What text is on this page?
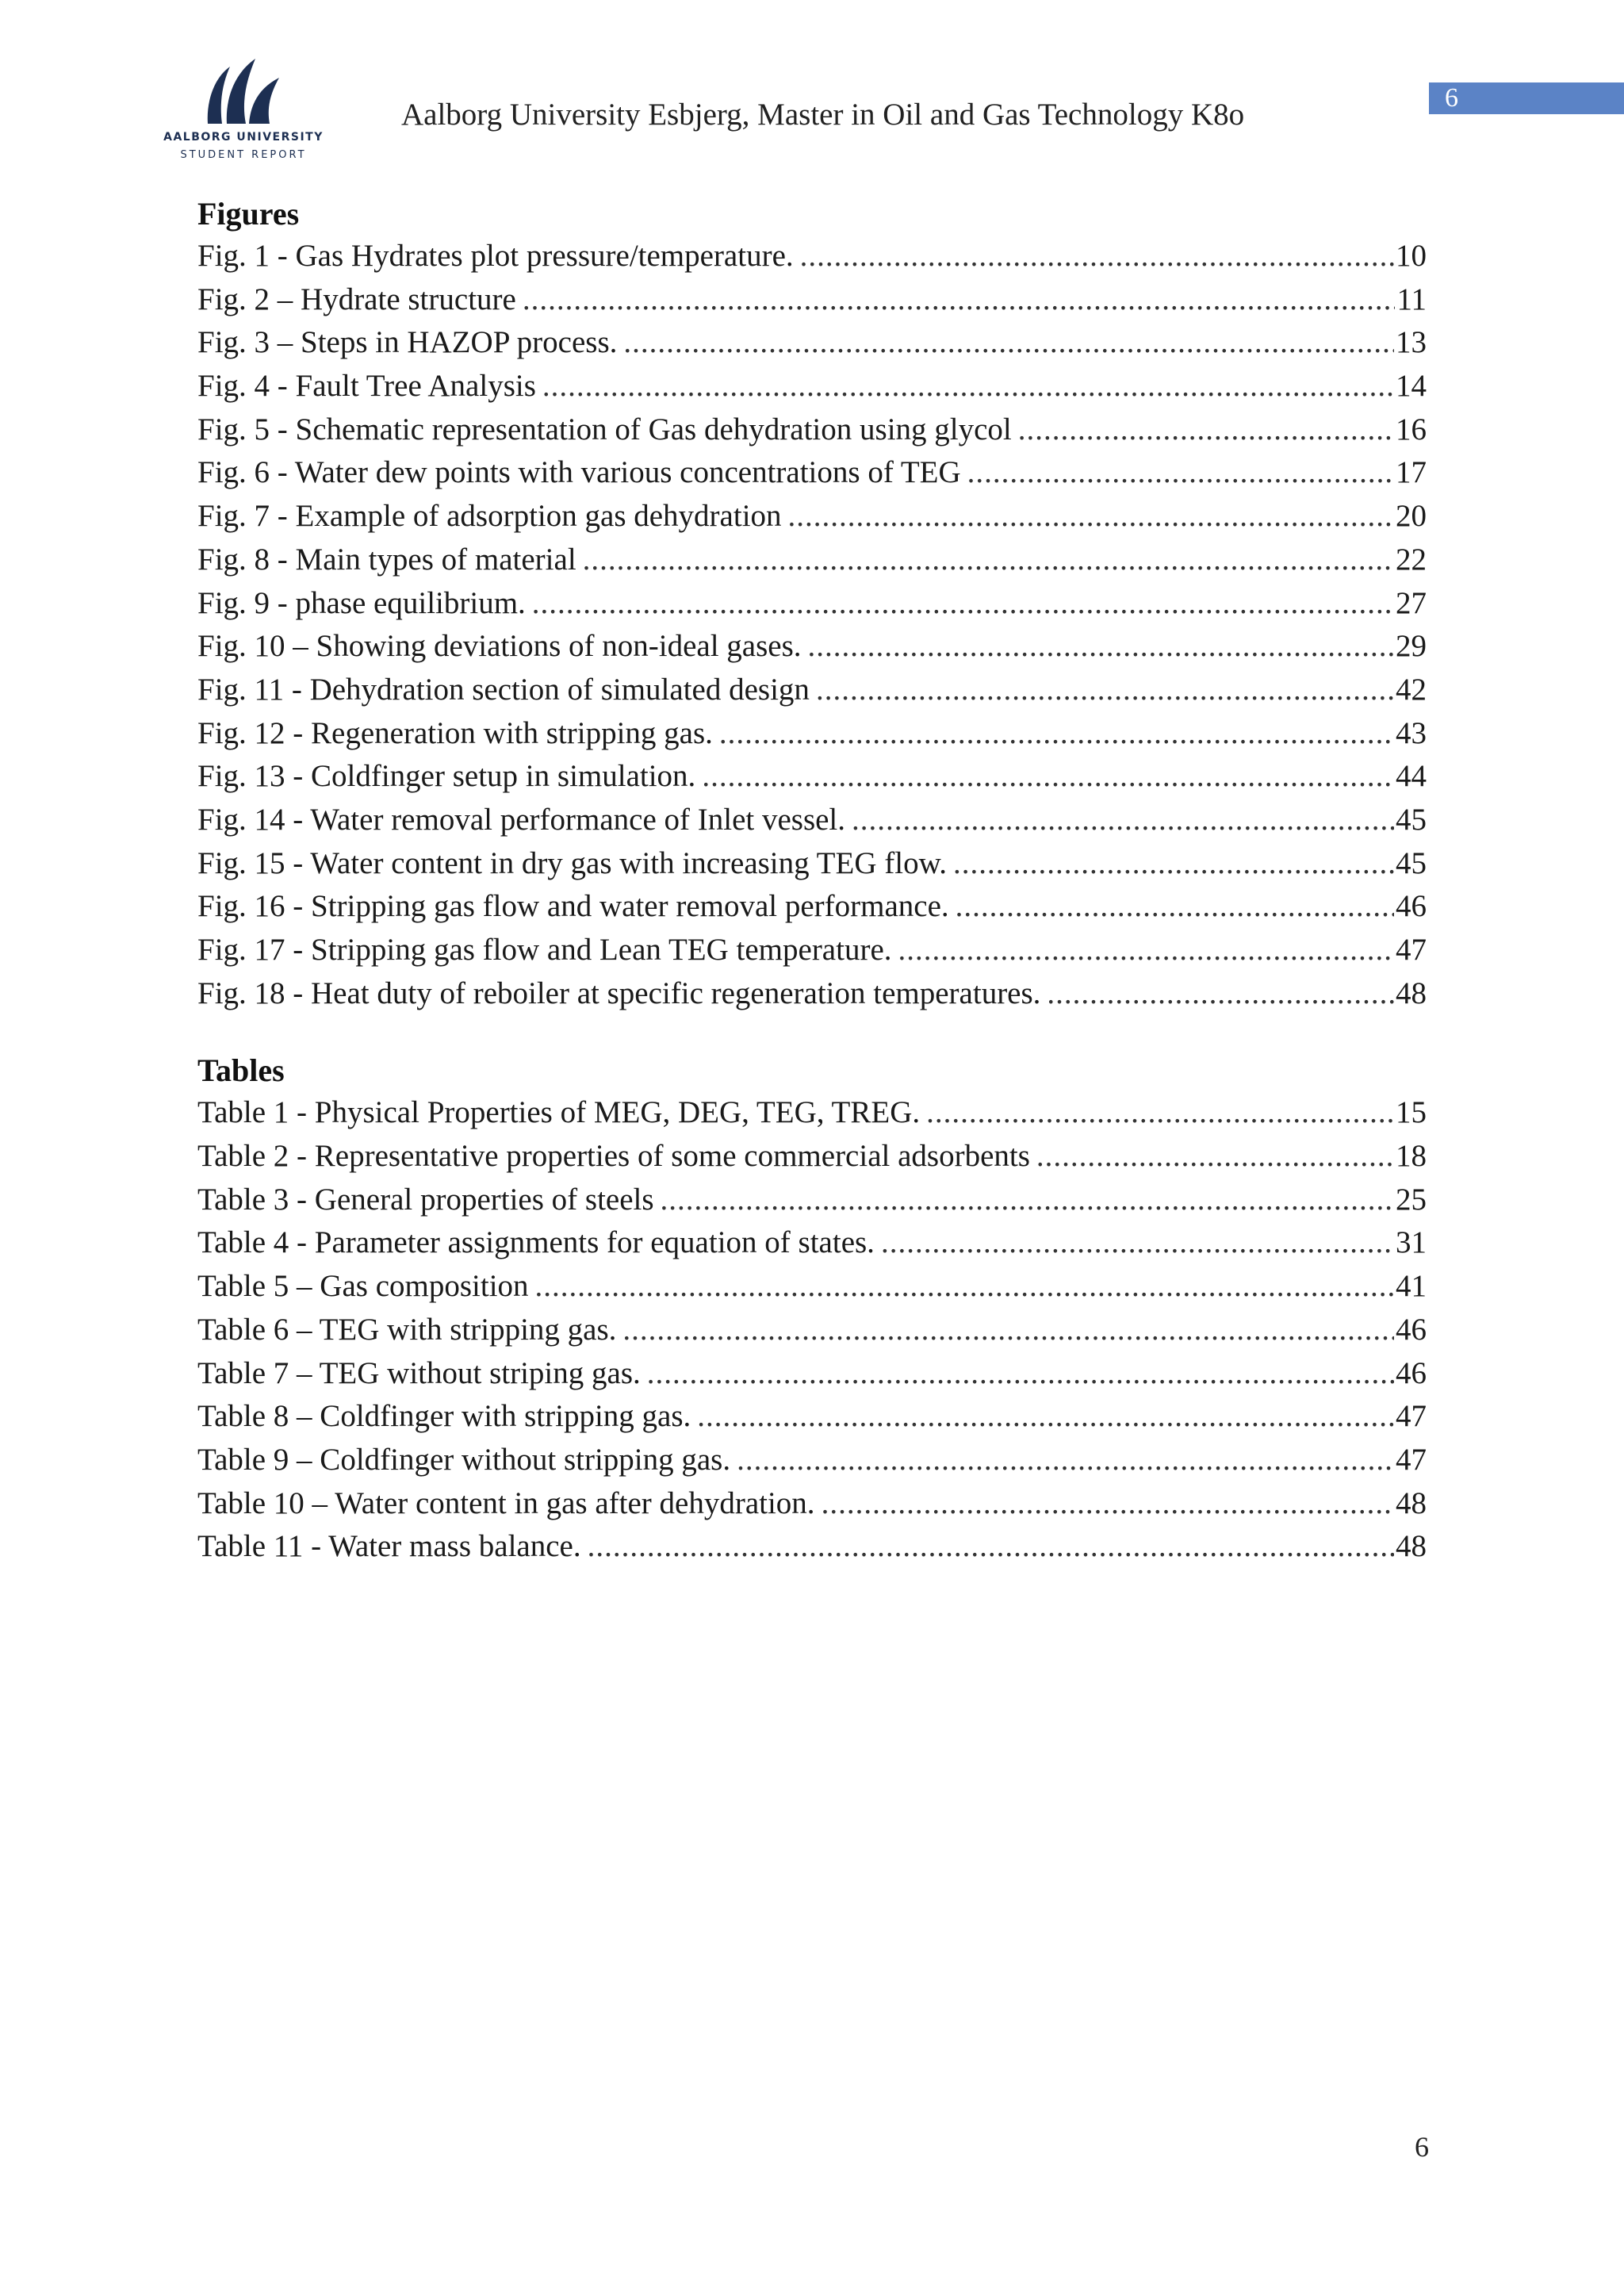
6
AALBORG UNIVERSITY
STUDENT REPORT
Aalborg University Esbjerg, Master in Oil and Gas Technology K8o
Figures
Fig. 1 - Gas Hydrates plot pressure/temperature. .....	10
Fig. 2 – Hydrate structure .....	11
Fig. 3 – Steps in HAZOP process. .....	13
Fig. 4 - Fault Tree Analysis .....	14
Fig. 5 - Schematic representation of Gas dehydration using glycol .....	16
Fig. 6 - Water dew points with various concentrations of TEG .....	17
Fig. 7 - Example of adsorption gas dehydration .....	20
Fig. 8 - Main types of material .....	22
Fig. 9 - phase equilibrium. .....	27
Fig. 10 – Showing deviations of non-ideal gases. .....	29
Fig. 11 - Dehydration section of simulated design .....	42
Fig. 12 - Regeneration with stripping gas. .....	43
Fig. 13 - Coldfinger setup in simulation. .....	44
Fig. 14 - Water removal performance of Inlet vessel. .....	45
Fig. 15 - Water content in dry gas with increasing TEG flow. .....	45
Fig. 16 - Stripping gas flow and water removal performance. .....	46
Fig. 17 - Stripping gas flow and Lean TEG temperature. .....	47
Fig. 18 - Heat duty of reboiler at specific regeneration temperatures. .....	48
Tables
Table 1 - Physical Properties of MEG, DEG, TEG, TREG. .....	15
Table 2 - Representative properties of some commercial adsorbents .....	18
Table 3 - General properties of steels .....	25
Table 4 - Parameter assignments for equation of states. .....	31
Table 5 – Gas composition .....	41
Table 6 – TEG with stripping gas. .....	46
Table 7 – TEG without striping gas. .....	46
Table 8 – Coldfinger with stripping gas. .....	47
Table 9 – Coldfinger without stripping gas. .....	47
Table 10 – Water content in gas after dehydration. .....	48
Table 11 - Water mass balance. .....	48
6
